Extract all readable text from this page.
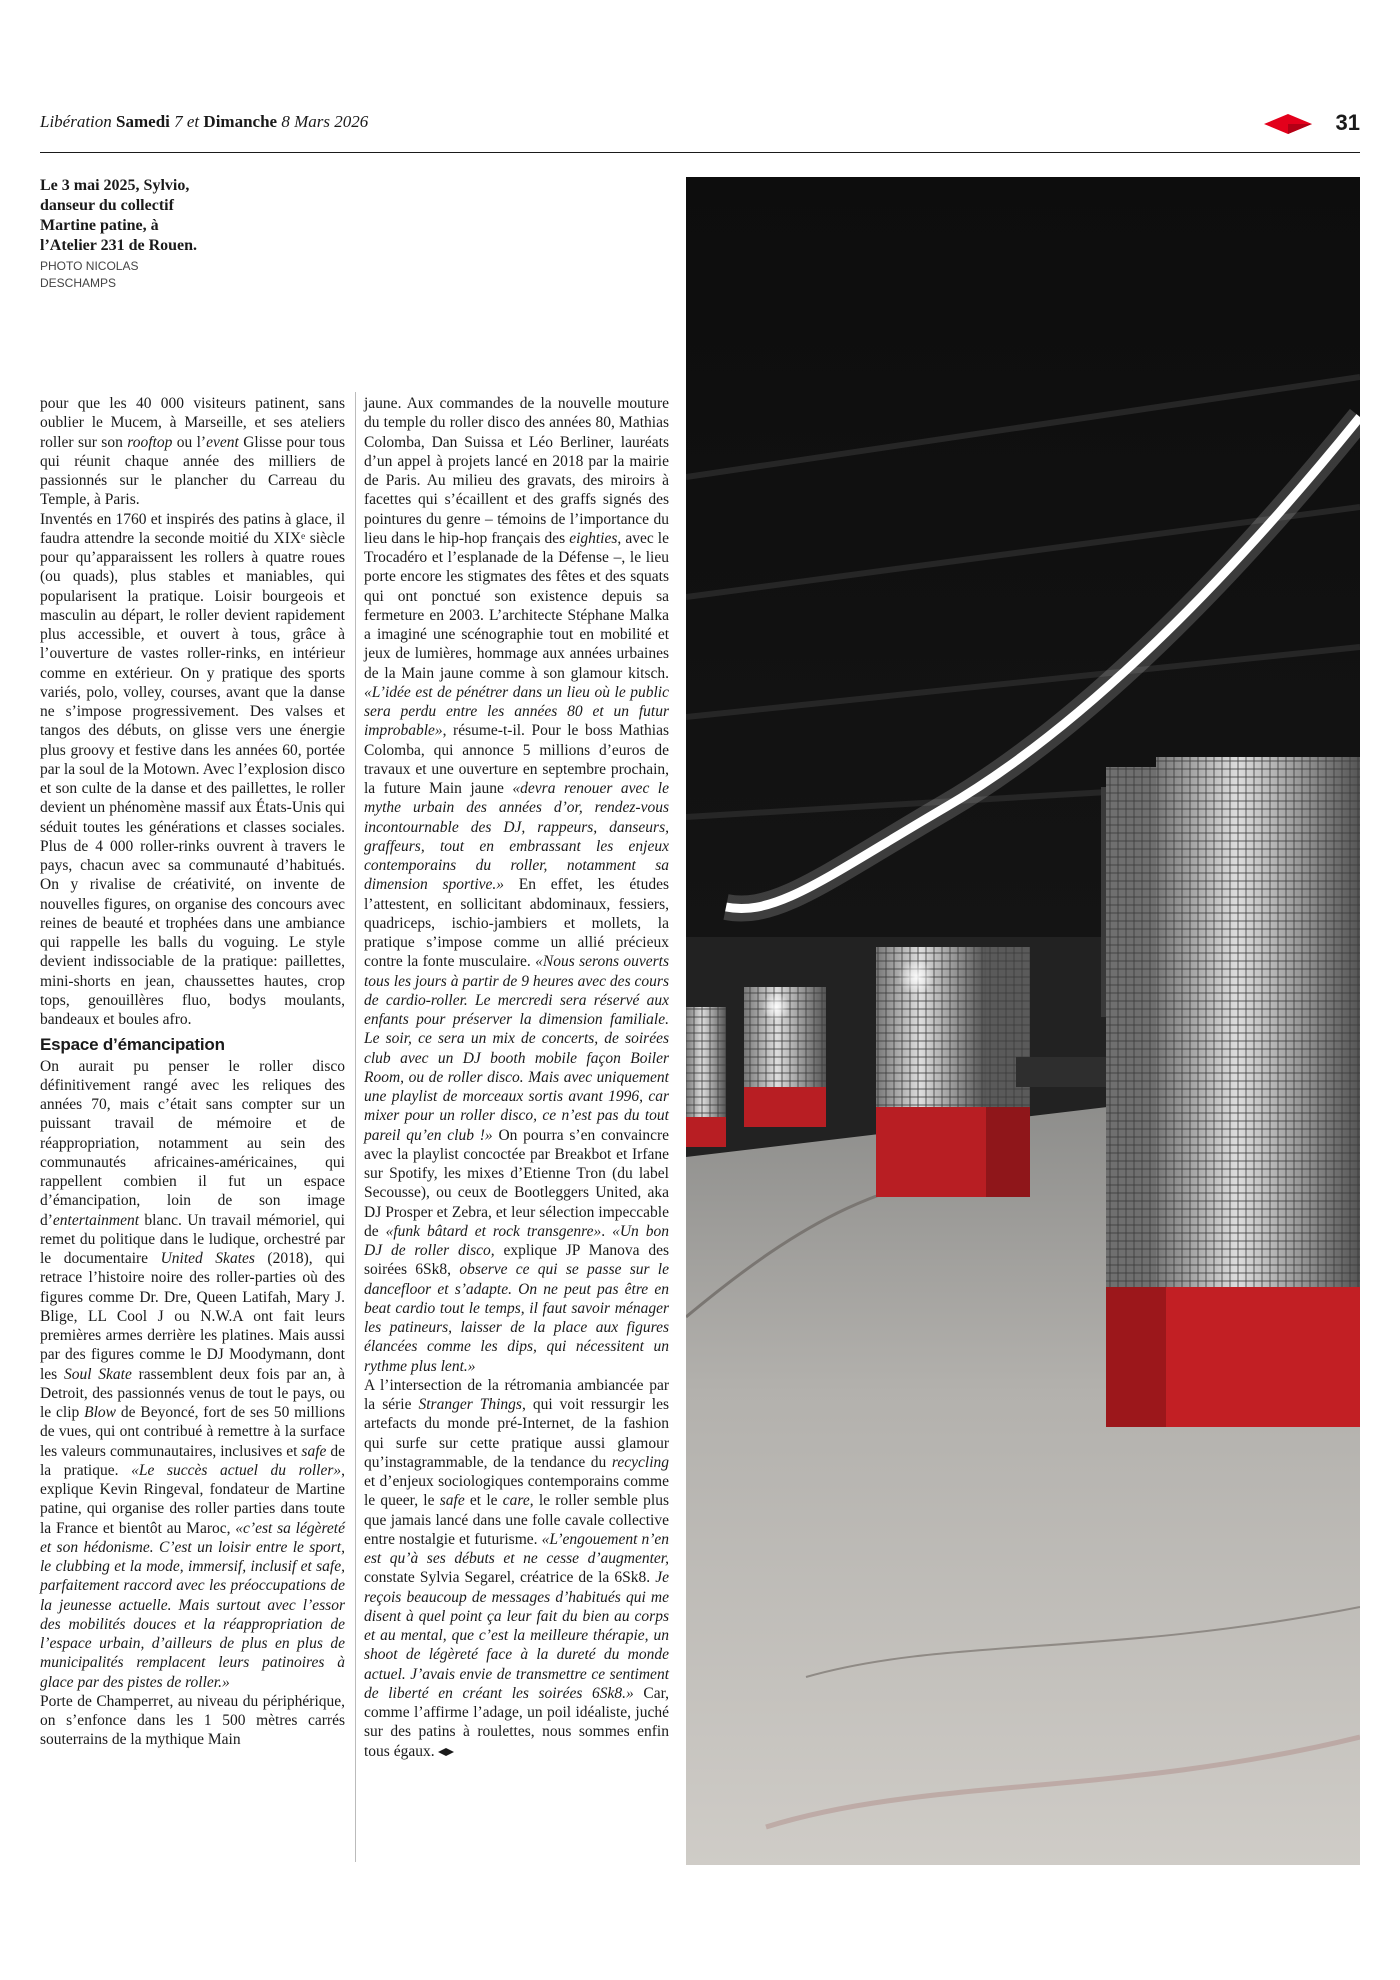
Libération Samedi 7 et Dimanche 8 Mars 2026	31

Le 3 mai 2025, Sylvio, danseur du collectif Martine patine, à l’Atelier 231 de Rouen.

PHOTO NICOLAS DESCHAMPS

pour que les 40 000 visiteurs patinent, sans oublier le Mucem, à Marseille, et ses ateliers roller sur son rooftop ou l’event Glisse pour tous qui réunit chaque année des milliers de passionnés sur le plancher du Carreau du Temple, à Paris.

Inventés en 1760 et inspirés des patins à glace, il faudra attendre la seconde moitié du XIXᵉ siècle pour qu’apparaissent les rollers à quatre roues (ou quads), plus stables et maniables, qui popularisent la pratique. Loisir bourgeois et masculin au départ, le roller devient rapidement plus accessible, et ouvert à tous, grâce à l’ouverture de vastes roller-rinks, en intérieur comme en extérieur. On y pratique des sports variés, polo, volley, courses, avant que la danse ne s’impose progressivement. Des valses et tangos des débuts, on glisse vers une énergie plus groovy et festive dans les années 60, portée par la soul de la Motown. Avec l’explosion disco et son culte de la danse et des paillettes, le roller devient un phénomène massif aux États-Unis qui séduit toutes les générations et classes sociales. Plus de 4 000 roller-rinks ouvrent à travers le pays, chacun avec sa communauté d’habitués. On y rivalise de créativité, on invente de nouvelles figures, on organise des concours avec reines de beauté et trophées dans une ambiance qui rappelle les balls du voguing. Le style devient indissociable de la pratique: paillettes, mini-shorts en jean, chaussettes hautes, crop tops, genouillères fluo, bodys moulants, bandeaux et boules afro.

Espace d’émancipation

On aurait pu penser le roller disco définitivement rangé avec les reliques des années 70, mais c’était sans compter sur un puissant travail de mémoire et de réappropriation, notamment au sein des communautés africaines-américaines, qui rappellent combien il fut un espace d’émancipation, loin de son image d’entertainment blanc. Un travail mémoriel, qui remet du politique dans le ludique, orchestré par le documentaire United Skates (2018), qui retrace l’histoire noire des roller-parties où des figures comme Dr. Dre, Queen Latifah, Mary J. Blige, LL Cool J ou N.W.A ont fait leurs premières armes derrière les platines. Mais aussi par des figures comme le DJ Moodymann, dont les Soul Skate rassemblent deux fois par an, à Detroit, des passionnés venus de tout le pays, ou le clip Blow de Beyoncé, fort de ses 50 millions de vues, qui ont contribué à remettre à la surface les valeurs communautaires, inclusives et safe de la pratique. «Le succès actuel du roller», explique Kevin Ringeval, fondateur de Martine patine, qui organise des roller parties dans toute la France et bientôt au Maroc, «c’est sa légèreté et son hédonisme. C’est un loisir entre le sport, le clubbing et la mode, immersif, inclusif et safe, parfaitement raccord avec les préoccupations de la jeunesse actuelle. Mais surtout avec l’essor des mobilités douces et la réappropriation de l’espace urbain, d’ailleurs de plus en plus de municipalités remplacent leurs patinoires à glace par des pistes de roller.»

Porte de Champerret, au niveau du périphérique, on s’enfonce dans les 1 500 mètres carrés souterrains de la mythique Main

jaune. Aux commandes de la nouvelle mouture du temple du roller disco des années 80, Mathias Colomba, Dan Suissa et Léo Berliner, lauréats d’un appel à projets lancé en 2018 par la mairie de Paris. Au milieu des gravats, des miroirs à facettes qui s’écaillent et des graffs signés des pointures du genre – témoins de l’importance du lieu dans le hip-hop français des eighties, avec le Trocadéro et l’esplanade de la Défense –, le lieu porte encore les stigmates des fêtes et des squats qui ont ponctué son existence depuis sa fermeture en 2003. L’architecte Stéphane Malka a imaginé une scénographie tout en mobilité et jeux de lumières, hommage aux années urbaines de la Main jaune comme à son glamour kitsch. «L’idée est de pénétrer dans un lieu où le public sera perdu entre les années 80 et un futur improbable», résume-t-il. Pour le boss Mathias Colomba, qui annonce 5 millions d’euros de travaux et une ouverture en septembre prochain, la future Main jaune «devra renouer avec le mythe urbain des années d’or, rendez-vous incontournable des DJ, rappeurs, danseurs, graffeurs, tout en embrassant les enjeux contemporains du roller, notamment sa dimension sportive.» En effet, les études l’attestent, en sollicitant abdominaux, fessiers, quadriceps, ischio-jambiers et mollets, la pratique s’impose comme un allié précieux contre la fonte musculaire. «Nous serons ouverts tous les jours à partir de 9 heures avec des cours de cardio-roller. Le mercredi sera réservé aux enfants pour préserver la dimension familiale. Le soir, ce sera un mix de concerts, de soirées club avec un DJ booth mobile façon Boiler Room, ou de roller disco. Mais avec uniquement une playlist de morceaux sortis avant 1996, car mixer pour un roller disco, ce n’est pas du tout pareil qu’en club !» On pourra s’en convaincre avec la playlist concoctée par Breakbot et Irfane sur Spotify, les mixes d’Etienne Tron (du label Secousse), ou ceux de Bootleggers United, aka DJ Prosper et Zebra, et leur sélection impeccable de «funk bâtard et rock transgenre». «Un bon DJ de roller disco, explique JP Manova des soirées 6Sk8, observe ce qui se passe sur le dancefloor et s’adapte. On ne peut pas être en beat cardio tout le temps, il faut savoir ménager les patineurs, laisser de la place aux figures élancées comme les dips, qui nécessitent un rythme plus lent.»

A l’intersection de la rétromania ambiancée par la série Stranger Things, qui voit ressurgir les artefacts du monde pré-Internet, de la fashion qui surfe sur cette pratique aussi glamour qu’instagrammable, de la tendance du recycling et d’enjeux sociologiques contemporains comme le queer, le safe et le care, le roller semble plus que jamais lancé dans une folle cavale collective entre nostalgie et futurisme. «L’engouement n’en est qu’à ses débuts et ne cesse d’augmenter, constate Sylvia Segarel, créatrice de la 6Sk8. Je reçois beaucoup de messages d’habitués qui me disent à quel point ça leur fait du bien au corps et au mental, que c’est la meilleure thérapie, un shoot de légèreté face à la dureté du monde actuel. J’avais envie de transmettre ce sentiment de liberté en créant les soirées 6Sk8.» Car, comme l’affirme l’adage, un poil idéaliste, juché sur des patins à roulettes, nous sommes enfin tous égaux.
